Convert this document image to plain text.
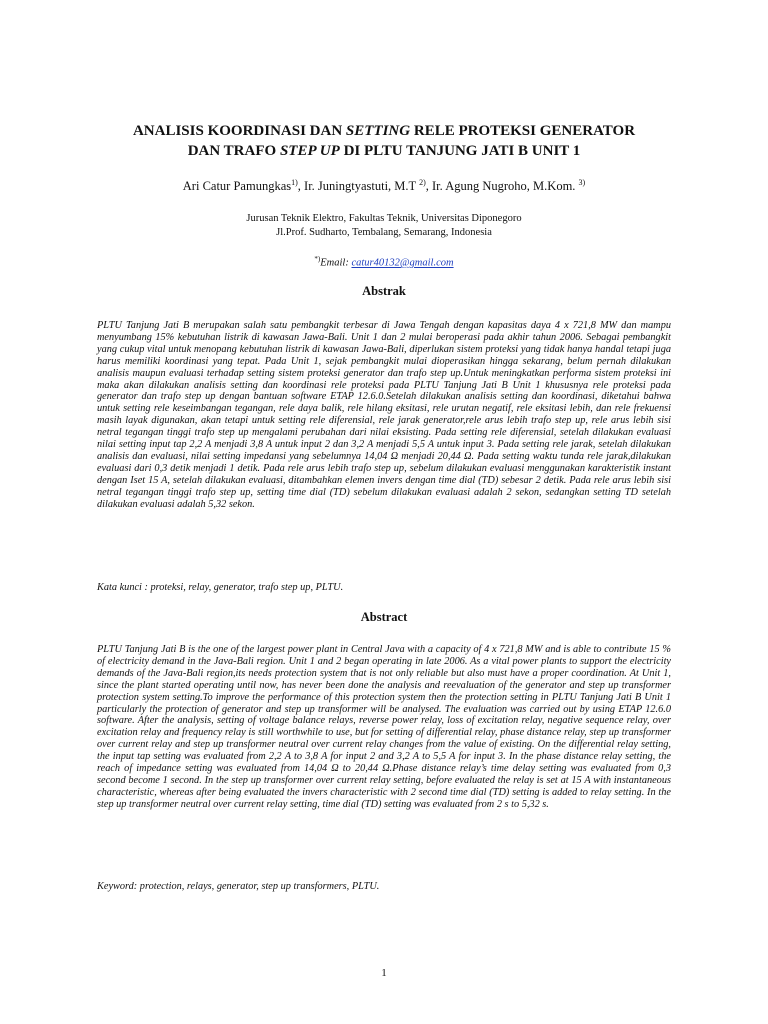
ANALISIS KOORDINASI DAN SETTING RELE PROTEKSI GENERATOR
DAN TRAFO STEP UP DI PLTU TANJUNG JATI B UNIT 1
Ari Catur Pamungkas$^{1)}$, Ir. Juningtyastuti, M.T $^{2)}$, Ir. Agung Nugroho, M.Kom. $^{3)}$
Jurusan Teknik Elektro, Fakultas Teknik, Universitas Diponegoro
Jl.Prof. Sudharto, Tembalang, Semarang, Indonesia
*)Email: catur40132@gmail.com
Abstrak

PLTU Tanjung Jati B merupakan salah satu pembangkit terbesar di Jawa Tengah dengan kapasitas daya 4 x 721,8 MW dan mampu menyumbang 15% kebutuhan listrik di kawasan Jawa-Bali. Unit 1 dan 2 mulai beroperasi pada akhir tahun 2006. Sebagai pembangkit yang cukup vital untuk menopang kebutuhan listrik di kawasan Jawa-Bali, diperlukan sistem proteksi yang tidak hanya handal tetapi juga harus memiliki koordinasi yang tepat. Pada Unit 1, sejak pembangkit mulai dioperasikan hingga sekarang, belum pernah dilakukan analisis maupun evaluasi terhadap setting sistem proteksi generator dan trafo step up.Untuk meningkatkan performa sistem proteksi ini maka akan dilakukan analisis setting dan koordinasi rele proteksi pada PLTU Tanjung Jati B Unit 1 khususnya rele proteksi pada generator dan trafo step up dengan bantuan software ETAP 12.6.0.Setelah dilakukan analisis setting dan koordinasi, diketahui bahwa untuk setting rele keseimbangan tegangan, rele daya balik, rele hilang eksitasi, rele urutan negatif, rele eksitasi lebih, dan rele frekuensi masih layak digunakan, akan tetapi untuk setting rele diferensial, rele jarak generator,rele arus lebih trafo step up, rele arus lebih sisi netral tegangan tinggi trafo step up mengalami perubahan dari nilai eksisting. Pada setting rele diferensial, setelah dilakukan evaluasi nilai setting input tap 2,2 A menjadi 3,8 A untuk input 2 dan 3,2 A menjadi 5,5 A untuk input 3. Pada setting rele jarak, setelah dilakukan analisis dan evaluasi, nilai setting impedansi yang sebelumnya 14,04 Ω menjadi 20,44 Ω. Pada setting waktu tunda rele jarak,dilakukan evaluasi dari 0,3 detik menjadi 1 detik. Pada rele arus lebih trafo step up, sebelum dilakukan evaluasi menggunakan karakteristik instant dengan Iset 15 A, setelah dilakukan evaluasi, ditambahkan elemen invers dengan time dial (TD) sebesar 2 detik. Pada rele arus lebih sisi netral tegangan tinggi trafo step up, setting time dial (TD) sebelum dilakukan evaluasi adalah 2 sekon, sedangkan setting TD setelah dilakukan evaluasi adalah 5,32 sekon.

Kata kunci : proteksi, relay, generator, trafo step up, PLTU.

Abstract

PLTU Tanjung Jati B is the one of the largest power plant in Central Java with a capacity of 4 x 721,8 MW and is able to contribute 15 % of electricity demand in the Java-Bali region. Unit 1 and 2 began operating in late 2006. As a vital power plants to support the electricity demands of the Java-Bali region,its needs protection system that is not only reliable but also must have a proper coordination. At Unit 1, since the plant started operating until now, has never been done the analysis and reevaluation of the generator and step up transformer protection system setting.To improve the performance of this protection system then the protection setting in PLTU Tanjung Jati B Unit 1 particularly the protection of generator and step up transformer will be analysed. The evaluation was carried out by using ETAP 12.6.0 software. After the analysis, setting of voltage balance relays, reverse power relay, loss of excitation relay, negative sequence relay, over excitation relay and frequency relay is still worthwhile to use, but for setting of differential relay, phase distance relay, step up transformer over current relay and step up transformer neutral over current relay changes from the value of existing. On the differential relay setting, the input tap setting was evaluated from 2,2 A to 3,8 A for input 2 and 3,2 A to 5,5 A for input 3. In the phase distance relay setting, the reach of impedance setting was evaluated from 14,04 Ω to 20,44 Ω.Phase distance relay’s time delay setting was evaluated from 0,3 second become 1 second. In the step up transformer over current relay setting, before evaluated the relay is set at 15 A with instantaneous characteristic, whereas after being evaluated the invers characteristic with 2 second time dial (TD) setting is added to relay setting. In the step up transformer neutral over current relay setting, time dial (TD) setting was evaluated from 2 s to 5,32 s.

Keyword: protection, relays, generator, step up transformers, PLTU.

1
